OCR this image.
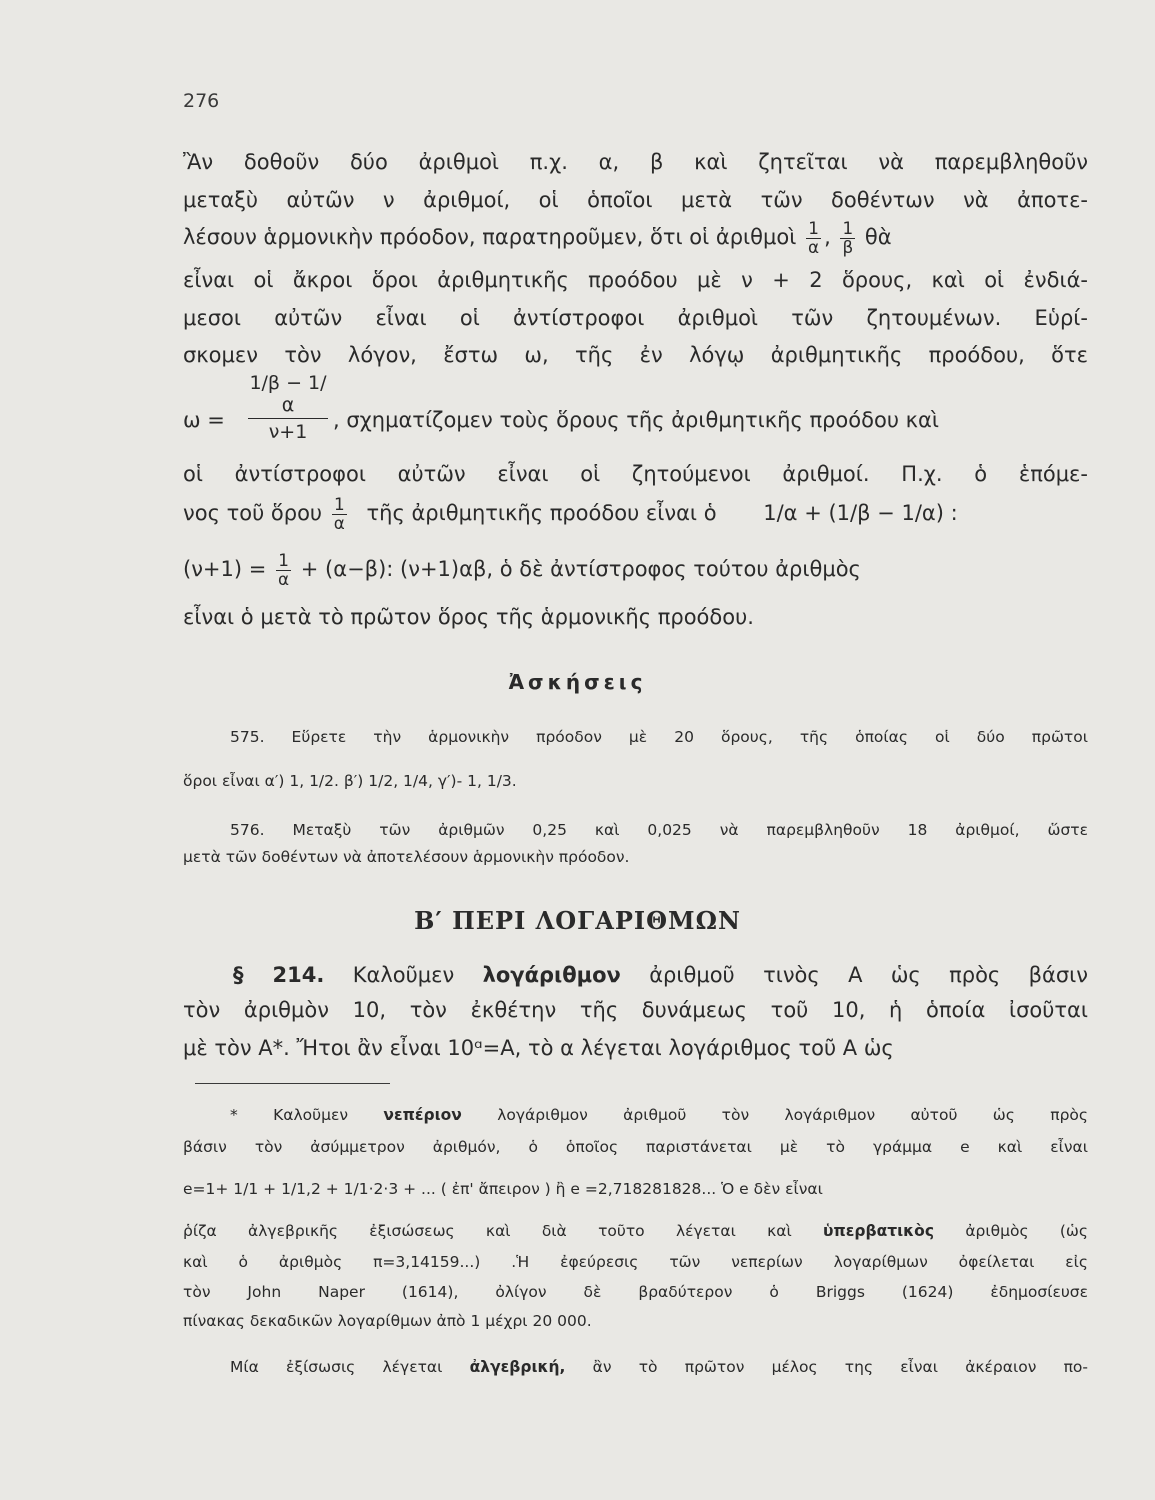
276
Ἂν δοθοῦν δύο ἀριθμοὶ π.χ. α, β καὶ ζητεῖται νὰ παρεμβληθοῦν
μεταξὺ αὐτῶν ν ἀριθμοί, οἱ ὁποῖοι μετὰ τῶν δοθέντων νὰ ἀποτε-
λέσουν ἁρμονικὴν πρόοδον, παρατηροῦμεν, ὅτι οἱ ἀριθμοὶ $\frac{1}{\alpha}$ , $\frac{1}{\beta}$ θὰ
εἶναι οἱ ἄκροι ὅροι ἀριθμητικῆς προόδου μὲ ν + 2 ὅρους, καὶ οἱ ἐνδιά-
μεσοι αὐτῶν εἶναι οἱ ἀντίστροφοι ἀριθμοὶ τῶν ζητουμένων. Εὑρί-
σκομεν τὸν λόγον, ἔστω ω, τῆς ἐν λόγῳ ἀριθμητικῆς προόδου, ὅτε
$\frac{1/\beta - 1/\alpha}{\nu+1}$
ω =	, σχηματίζομεν τοὺς ὅρους τῆς ἀριθμητικῆς προόδου καὶ
οἱ ἀντίστροφοι αὐτῶν εἶναι οἱ ζητούμενοι ἀριθμοί. Π.χ. ὁ ἑπόμε-
νος τοῦ ὅρου $\frac{1}{\alpha}$ τῆς ἀριθμητικῆς προόδου εἶναι ὁ 1/α + (1/β − 1/α) :
$(\nu+1) = \frac{1}{\alpha} + (\alpha-\beta)$: (ν+1)αβ, ὁ δὲ ἀντίστροφος τούτου ἀριθμὸς
εἶναι ὁ μετὰ τὸ πρῶτον ὅρος τῆς ἁρμονικῆς προόδου.
Ἀσκήσεις
575. Εὕρετε τὴν ἁρμονικὴν πρόοδον μὲ 20 ὅρους, τῆς ὁποίας οἱ δύο πρῶτοι
ὅροι εἶναι α′) 1, 1/2. β′) 1/2, 1/4, γ′)- 1, 1/3.
576. Μεταξὺ τῶν ἀριθμῶν 0,25 καὶ 0,025 νὰ παρεμβληθοῦν 18 ἀριθμοί, ὥστε
μετὰ τῶν δοθέντων νὰ ἀποτελέσουν ἁρμονικὴν πρόοδον.
Β′ ΠΕΡΙ ΛΟΓΑΡΙΘΜΩΝ
§ 214. Καλοῦμεν λογάριθμον ἀριθμοῦ τινὸς Α ὡς πρὸς βάσιν
τὸν ἀριθμὸν 10, τὸν ἐκθέτην τῆς δυνάμεως τοῦ 10, ἡ ὁποία ἰσοῦται
μὲ τὸν Α*. Ἤτοι ἂν εἶναι 10ᵅ=Α, τὸ α λέγεται λογάριθμος τοῦ Α ὡς
* Καλοῦμεν νεπέριον λογάριθμον ἀριθμοῦ τὸν λογάριθμον αὐτοῦ ὡς πρὸς
βάσιν τὸν ἀσύμμετρον ἀριθμόν, ὁ ὁποῖος παριστάνεται μὲ τὸ γράμμα e καὶ εἶναι
e=1+ 1/1 + 1/1,2 + 1/1·2·3 + ... ( ἐπ' ἄπειρον ) ἢ e =2,718281828... Ὁ e δὲν εἶναι
ῥίζα ἀλγεβρικῆς ἐξισώσεως καὶ διὰ τοῦτο λέγεται καὶ ὑπερβατικὸς ἀριθμὸς (ὡς
καὶ ὁ ἀριθμὸς π=3,14159...) .Ἡ ἐφεύρεσις τῶν νεπερίων λογαρίθμων ὀφείλεται εἰς
τὸν John Naper (1614), ὀλίγον δὲ βραδύτερον ὁ Briggs (1624) ἐδημοσίευσε
πίνακας δεκαδικῶν λογαρίθμων ἀπὸ 1 μέχρι 20 000.
Μία ἐξίσωσις λέγεται ἀλγεβρική, ἂν τὸ πρῶτον μέλος της εἶναι ἀκέραιον πο-
